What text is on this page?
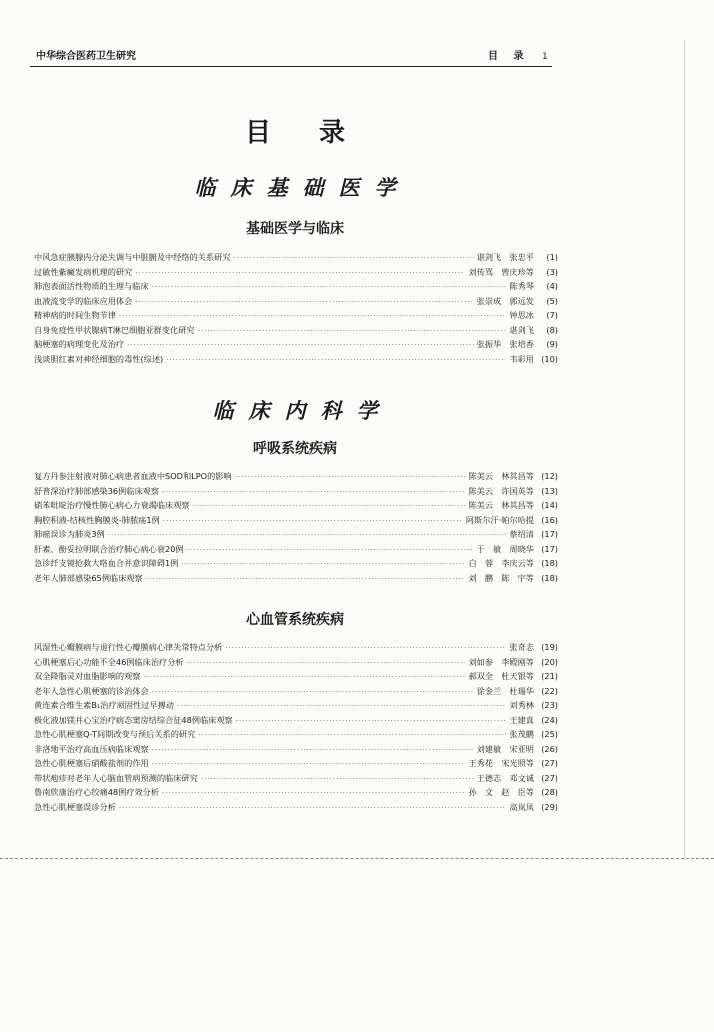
中华综合医药卫生研究	目 录 1
目录
临床基础医学
基础医学与临床
中风急症胰腺内分泌失调与中脏腑及中经络的关系研究 ·····	谌剑飞　张忠平	(1)
过敏性紫癜发病机理的研究 ·····	刘传骂　曾庆珍等	(3)
肺泡表面活性物质的生理与临床 ·····	陈秀琴	(4)
血液流变学的临床应用体会 ·····	张崇成　郭远发	(5)
精神病的时间生物节律 ·····	钟思冰	(7)
自身免疫性甲状腺病T淋巴细胞亚群变化研究 ·····	谌剑飞	(8)
脑梗塞的病理变化及治疗 ·····	张振华　张培香	(9)
浅谈胆红素对神经细胞的毒性(综述) ·····	韦彩用 (10)
临床内科学
呼吸系统疾病
复方丹参注射液对肺心病患者血液中SOD和LPO的影响 ·····	陈美云　林其昌等 (12)
舒普深治疗肺部感染36例临床观察 ·····	陈美云　许国英等 (13)
硝苯吡啶治疗慢性肺心病心力衰竭临床观察 ·····	陈美云　林其昌等 (14)
胸腔积液-结核性胸膜炎-肺脓疡1例 ·····	阿斯尔汗·帕尔哈提 (16)
肺癌误诊为肺炎3例 ·····	蔡绍清 (17)
肝素、酚妥拉明联合治疗肺心病心衰20例 ·····	于　敏　周晓华 (17)
急诊纤支镜抢救大咯血合并意识障碍1例 ·····	白　蓉　李庆云等 (18)
老年人肺部感染65例临床观察 ·····	刘　鹏　陈　宇等 (18)
心血管系统疾病
风湿性心瓣膜病与退行性心瓣膜病心律失常特点分析 ·····	张奇志 (19)
心肌梗塞后心功能不全46例临床治疗分析 ·····	刘如参　李殿刚等 (20)
双全降脂灵对血脂影响的观察 ·····	郝双全　杜天银等 (21)
老年人急性心肌梗塞的诊治体会 ·····	徐金兰　杜瑞华 (22)
黄连素合维生素B₁治疗顽固性过早搏动 ·····	刘秀林 (23)
极化液加镁并心宝治疗病态窦房结综合征48例临床观察 ·····	王建真 (24)
急性心肌梗塞Q-T间期改变与预后关系的研究 ·····	张茂鹏 (25)
非洛地平治疗高血压病临床观察 ·····	刘建敏　宋亚明 (26)
急性心肌梗塞后硝酸盐剂的作用 ·····	王秀花　宋光照等 (27)
带状疱疹对老年人心脑血管病预测的临床研究 ·····	王德志　邓文诚 (27)
鲁南欣康治疗心绞痛48例疗效分析 ·····	孙　文　赵　臣等 (28)
急性心肌梗塞误诊分析 ·····	高岚凤 (29)
